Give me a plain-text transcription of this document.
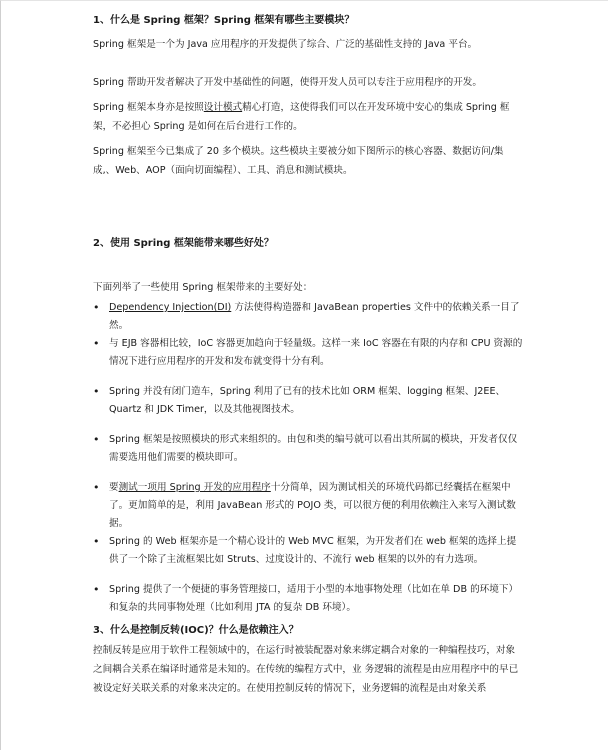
1、什么是 Spring 框架？Spring 框架有哪些主要模块？

Spring 框架是一个为 Java 应用程序的开发提供了综合、广泛的基础性支持的 Java 平台。

Spring 帮助开发者解决了开发中基础性的问题，使得开发人员可以专注于应用程序的开发。

Spring 框架本身亦是按照设计模式精心打造，这使得我们可以在开发环境中安心的集成 Spring 框架，不必担心 Spring 是如何在后台进行工作的。

Spring 框架至今已集成了 20 多个模块。这些模块主要被分如下图所示的核心容器、数据访问/集成,、Web、AOP（面向切面编程）、工具、消息和测试模块。

2、使用 Spring 框架能带来哪些好处？

下面列举了一些使用 Spring 框架带来的主要好处：

• Dependency Injection(DI) 方法使得构造器和 JavaBean properties 文件中的依赖关系一目了然。
• 与 EJB 容器相比较，IoC 容器更加趋向于轻量级。这样一来 IoC 容器在有限的内存和 CPU 资源的情况下进行应用程序的开发和发布就变得十分有利。
• Spring 并没有闭门造车，Spring 利用了已有的技术比如 ORM 框架、logging 框架、J2EE、Quartz 和 JDK Timer，以及其他视图技术。
• Spring 框架是按照模块的形式来组织的。由包和类的编号就可以看出其所属的模块，开发者仅仅需要选用他们需要的模块即可。
• 要测试一项用 Spring 开发的应用程序十分简单，因为测试相关的环境代码都已经囊括在框架中了。更加简单的是，利用 JavaBean 形式的 POJO 类，可以很方便的利用依赖注入来写入测试数据。
• Spring 的 Web 框架亦是一个精心设计的 Web MVC 框架，为开发者们在 web 框架的选择上提供了一个除了主流框架比如 Struts、过度设计的、不流行 web 框架的以外的有力选项。
• Spring 提供了一个便捷的事务管理接口，适用于小型的本地事物处理（比如在单 DB 的环境下）和复杂的共同事物处理（比如利用 JTA 的复杂 DB 环境）。

3、什么是控制反转(IOC)？什么是依赖注入？

控制反转是应用于软件工程领域中的，在运行时被装配器对象来绑定耦合对象的一种编程技巧，对象之间耦合关系在编译时通常是未知的。在传统的编程方式中，业 务逻辑的流程是由应用程序中的早已被设定好关联关系的对象来决定的。在使用控制反转的情况下，业务逻辑的流程是由对象关系
